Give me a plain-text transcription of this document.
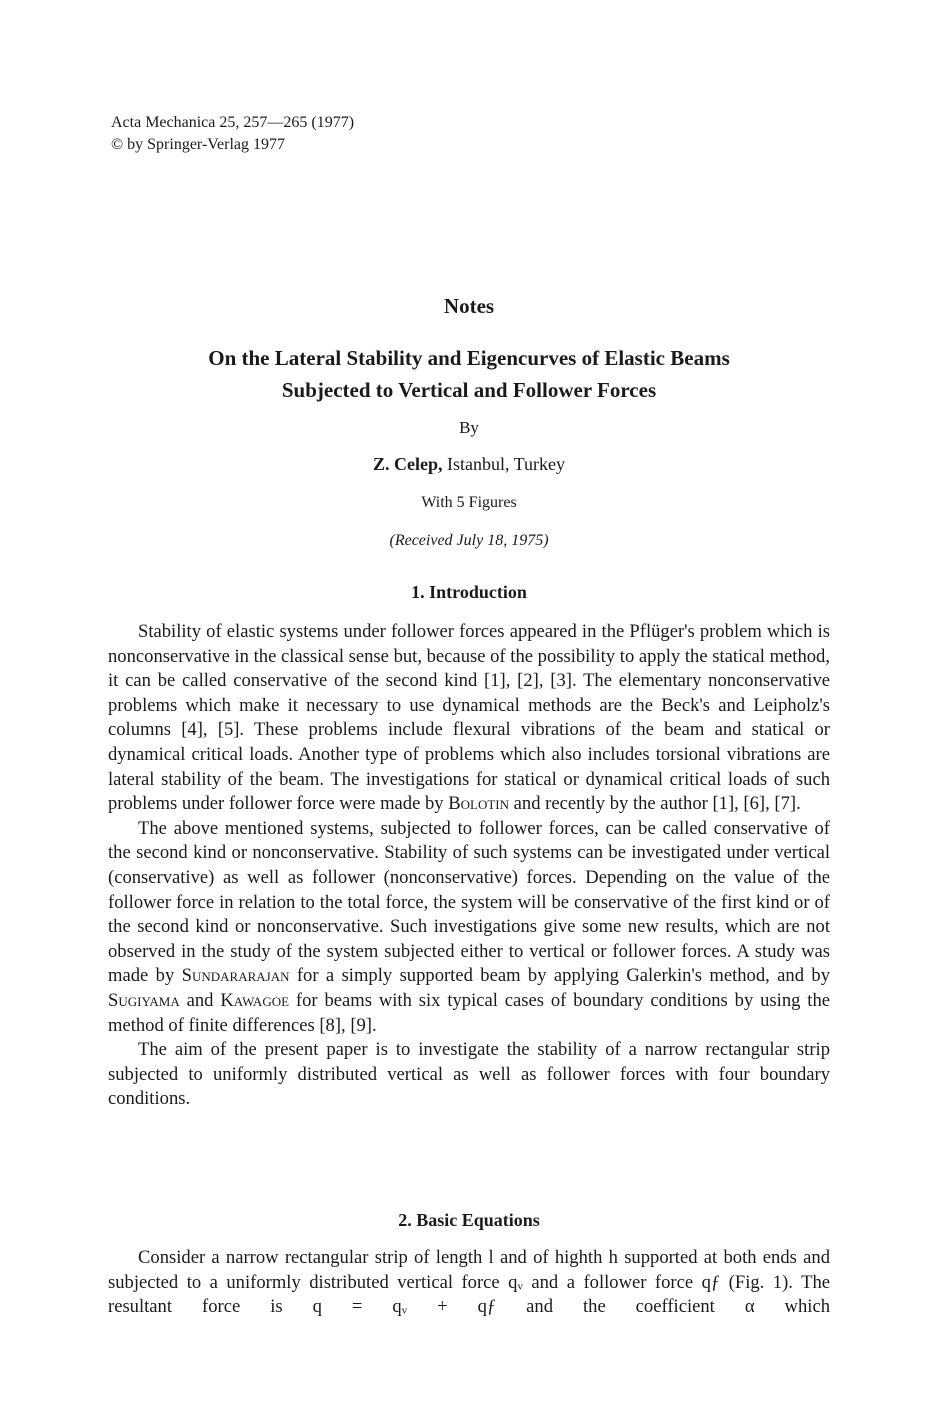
Acta Mechanica 25, 257—265 (1977)
© by Springer-Verlag 1977
Notes
On the Lateral Stability and Eigencurves of Elastic Beams
Subjected to Vertical and Follower Forces
By
Z. Celep, Istanbul, Turkey
With 5 Figures
(Received July 18, 1975)
1. Introduction

Stability of elastic systems under follower forces appeared in the Pflüger's problem which is nonconservative in the classical sense but, because of the possibility to apply the statical method, it can be called conservative of the second kind [1], [2], [3]. The elementary nonconservative problems which make it necessary to use dynamical methods are the Beck's and Leipholz's columns [4], [5]. These problems include flexural vibrations of the beam and statical or dynamical critical loads. Another type of problems which also includes torsional vibrations are lateral stability of the beam. The investigations for statical or dynamical critical loads of such problems under follower force were made by Bolotin and recently by the author [1], [6], [7].

The above mentioned systems, subjected to follower forces, can be called conservative of the second kind or nonconservative. Stability of such systems can be investigated under vertical (conservative) as well as follower (nonconservative) forces. Depending on the value of the follower force in relation to the total force, the system will be conservative of the first kind or of the second kind or nonconservative. Such investigations give some new results, which are not observed in the study of the system subjected either to vertical or follower forces. A study was made by Sundararajan for a simply supported beam by applying Galerkin's method, and by Sugiyama and Kawagoe for beams with six typical cases of boundary conditions by using the method of finite differences [8], [9].

The aim of the present paper is to investigate the stability of a narrow rectangular strip subjected to uniformly distributed vertical as well as follower forces with four boundary conditions.

2. Basic Equations

Consider a narrow rectangular strip of length l and of highth h supported at both ends and subjected to a uniformly distributed vertical force qᵥ and a follower force qƒ (Fig. 1). The resultant force is q = qᵥ + qƒ and the coefficient α which
